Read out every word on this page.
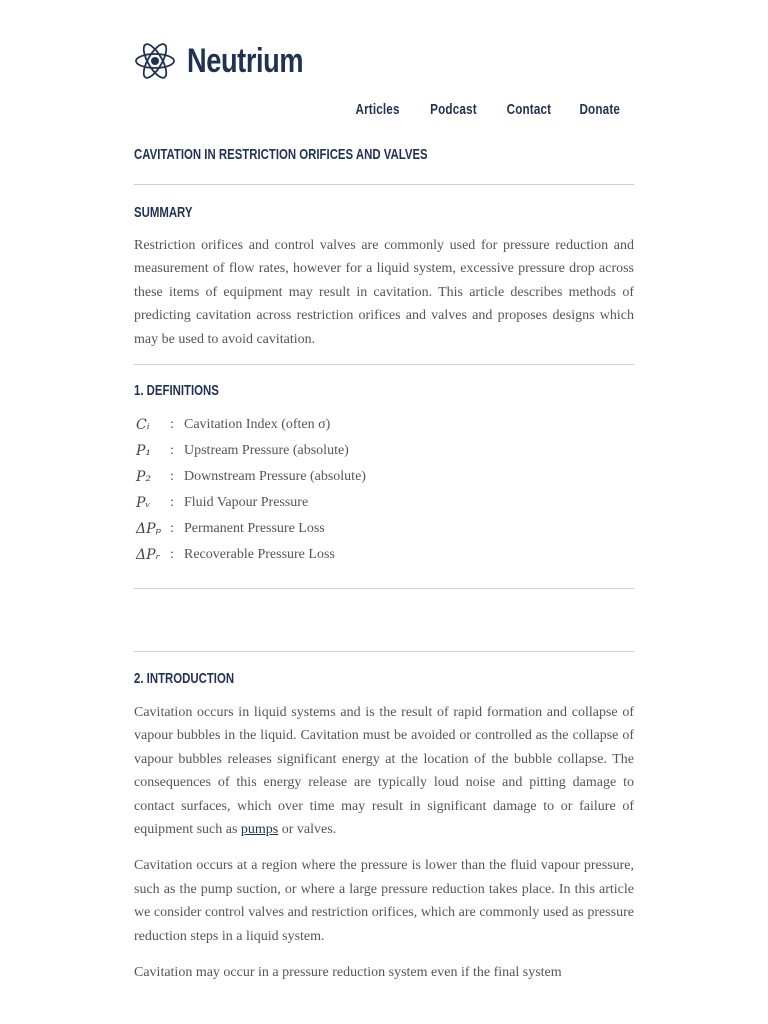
Neutrium
Articles Podcast Contact Donate
CAVITATION IN RESTRICTION ORIFICES AND VALVES
SUMMARY

Restriction orifices and control valves are commonly used for pressure reduction and measurement of flow rates, however for a liquid system, excessive pressure drop across these items of equipment may result in cavitation. This article describes methods of predicting cavitation across restriction orifices and valves and proposes designs which may be used to avoid cavitation.

1. DEFINITIONS
Cᵢ	: Cavitation Index (often σ)
P₁	: Upstream Pressure (absolute)
P₂	: Downstream Pressure (absolute)
Pᵥ	: Fluid Vapour Pressure
ΔPₚ : Permanent Pressure Loss
ΔPᵣ : Recoverable Pressure Loss
2. INTRODUCTION

Cavitation occurs in liquid systems and is the result of rapid formation and collapse of vapour bubbles in the liquid. Cavitation must be avoided or controlled as the collapse of vapour bubbles releases significant energy at the location of the bubble collapse. The consequences of this energy release are typically loud noise and pitting damage to contact surfaces, which over time may result in significant damage to or failure of equipment such as pumps or valves.

Cavitation occurs at a region where the pressure is lower than the fluid vapour pressure, such as the pump suction, or where a large pressure reduction takes place. In this article we consider control valves and restriction orifices, which are commonly used as pressure reduction steps in a liquid system.

Cavitation may occur in a pressure reduction system even if the final system
